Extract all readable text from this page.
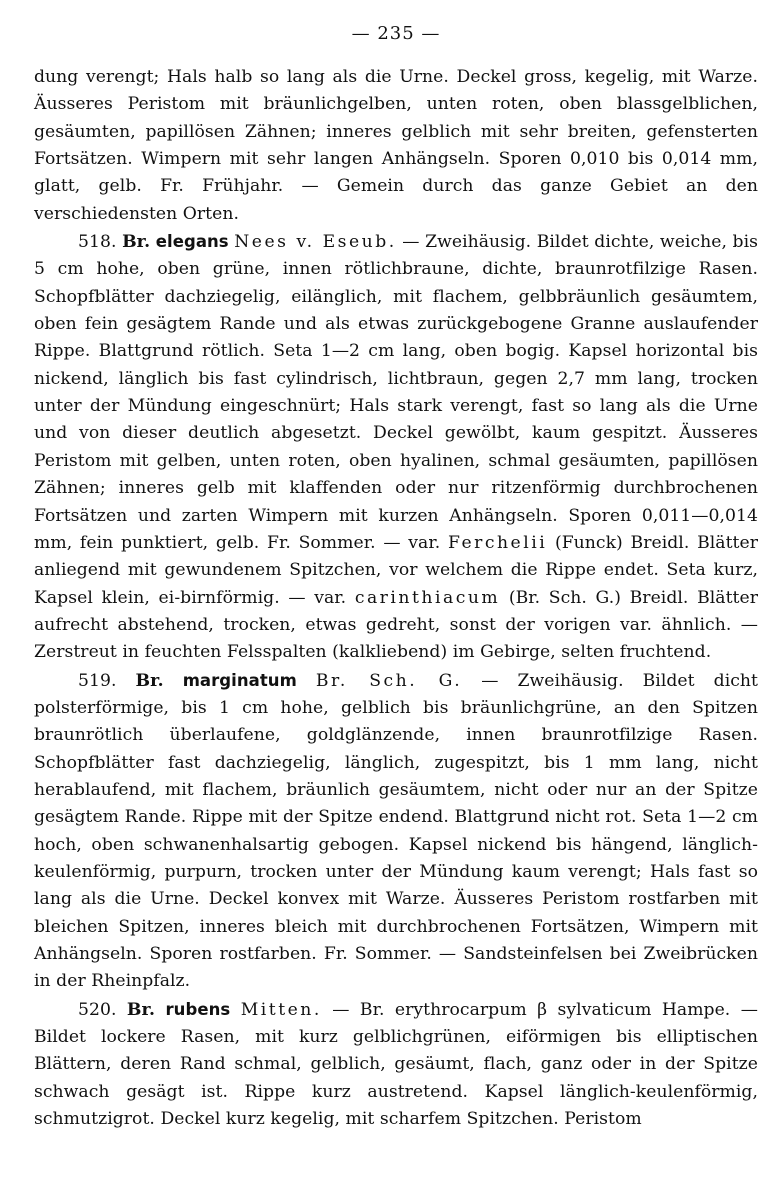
— 235 —

dung verengt; Hals halb so lang als die Urne. Deckel gross, kegelig, mit Warze. Äusseres Peristom mit bräunlichgelben, unten roten, oben blassgelblichen, gesäumten, papillösen Zähnen; inneres gelblich mit sehr breiten, gefensterten Fortsätzen. Wimpern mit sehr langen Anhängseln. Sporen 0,010 bis 0,014 mm, glatt, gelb. Fr. Frühjahr. — Gemein durch das ganze Gebiet an den verschiedensten Orten.

518. Br. elegans Nees v. Eseub. — Zweihäusig. Bildet dichte, weiche, bis 5 cm hohe, oben grüne, innen rötlichbraune, dichte, braunrotfilzige Rasen. Schopfblätter dachziegelig, eilänglich, mit flachem, gelbbräunlich gesäumtem, oben fein gesägtem Rande und als etwas zurückgebogene Granne auslaufender Rippe. Blattgrund rötlich. Seta 1—2 cm lang, oben bogig. Kapsel horizontal bis nickend, länglich bis fast cylindrisch, lichtbraun, gegen 2,7 mm lang, trocken unter der Mündung eingeschnürt; Hals stark verengt, fast so lang als die Urne und von dieser deutlich abgesetzt. Deckel gewölbt, kaum gespitzt. Äusseres Peristom mit gelben, unten roten, oben hyalinen, schmal gesäumten, papillösen Zähnen; inneres gelb mit klaffenden oder nur ritzenförmig durchbrochenen Fortsätzen und zarten Wimpern mit kurzen Anhängseln. Sporen 0,011—0,014 mm, fein punktiert, gelb. Fr. Sommer. — var. Ferchelii (Funck) Breidl. Blätter anliegend mit gewundenem Spitzchen, vor welchem die Rippe endet. Seta kurz, Kapsel klein, ei-birnförmig. — var. carinthiacum (Br. Sch. G.) Breidl. Blätter aufrecht abstehend, trocken, etwas gedreht, sonst der vorigen var. ähnlich. — Zerstreut in feuchten Felsspalten (kalkliebend) im Gebirge, selten fruchtend.

519. Br. marginatum Br. Sch. G. — Zweihäusig. Bildet dicht polsterförmige, bis 1 cm hohe, gelblich bis bräunlichgrüne, an den Spitzen braunrötlich überlaufene, goldglänzende, innen braunrotfilzige Rasen. Schopfblätter fast dachziegelig, länglich, zugespitzt, bis 1 mm lang, nicht herablaufend, mit flachem, bräunlich gesäumtem, nicht oder nur an der Spitze gesägtem Rande. Rippe mit der Spitze endend. Blattgrund nicht rot. Seta 1—2 cm hoch, oben schwanenhalsartig gebogen. Kapsel nickend bis hängend, länglich-keulenförmig, purpurn, trocken unter der Mündung kaum verengt; Hals fast so lang als die Urne. Deckel konvex mit Warze. Äusseres Peristom rostfarben mit bleichen Spitzen, inneres bleich mit durchbrochenen Fortsätzen, Wimpern mit Anhängseln. Sporen rostfarben. Fr. Sommer. — Sandsteinfelsen bei Zweibrücken in der Rheinpfalz.

520. Br. rubens Mitten. — Br. erythrocarpum β sylvaticum Hampe. — Bildet lockere Rasen, mit kurz gelblichgrünen, eiförmigen bis elliptischen Blättern, deren Rand schmal, gelblich, gesäumt, flach, ganz oder in der Spitze schwach gesägt ist. Rippe kurz austretend. Kapsel länglich-keulenförmig, schmutzigrot. Deckel kurz kegelig, mit scharfem Spitzchen. Peristom
